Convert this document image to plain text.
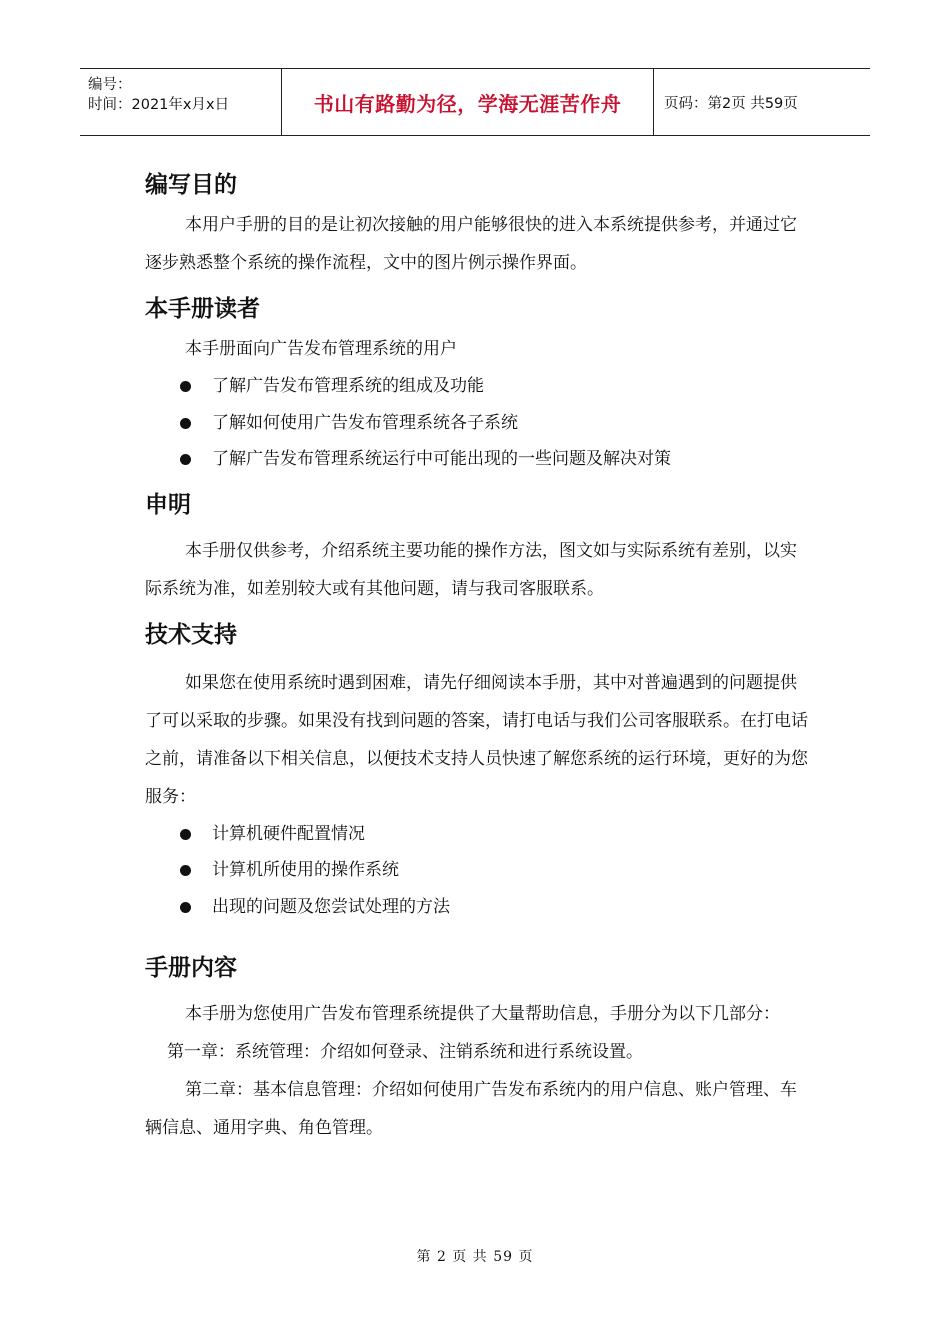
编号：
时间：2021年x月x日	书山有路勤为径，学海无涯苦作舟	页码：第2页 共59页
编写目的

本用户手册的目的是让初次接触的用户能够很快的进入本系统提供参考，并通过它逐步熟悉整个系统的操作流程，文中的图片例示操作界面。

本手册读者

本手册面向广告发布管理系统的用户

了解广告发布管理系统的组成及功能
了解如何使用广告发布管理系统各子系统
了解广告发布管理系统运行中可能出现的一些问题及解决对策
申明

本手册仅供参考，介绍系统主要功能的操作方法，图文如与实际系统有差别，以实际系统为准，如差别较大或有其他问题，请与我司客服联系。

技术支持

如果您在使用系统时遇到困难，请先仔细阅读本手册，其中对普遍遇到的问题提供了可以采取的步骤。如果没有找到问题的答案，请打电话与我们公司客服联系。在打电话之前，请准备以下相关信息，以便技术支持人员快速了解您系统的运行环境，更好的为您服务：

计算机硬件配置情况
计算机所使用的操作系统
出现的问题及您尝试处理的方法
手册内容

本手册为您使用广告发布管理系统提供了大量帮助信息，手册分为以下几部分：

第一章：系统管理：介绍如何登录、注销系统和进行系统设置。

第二章：基本信息管理：介绍如何使用广告发布系统内的用户信息、账户管理、车辆信息、通用字典、角色管理。

第 2 页 共 59 页
